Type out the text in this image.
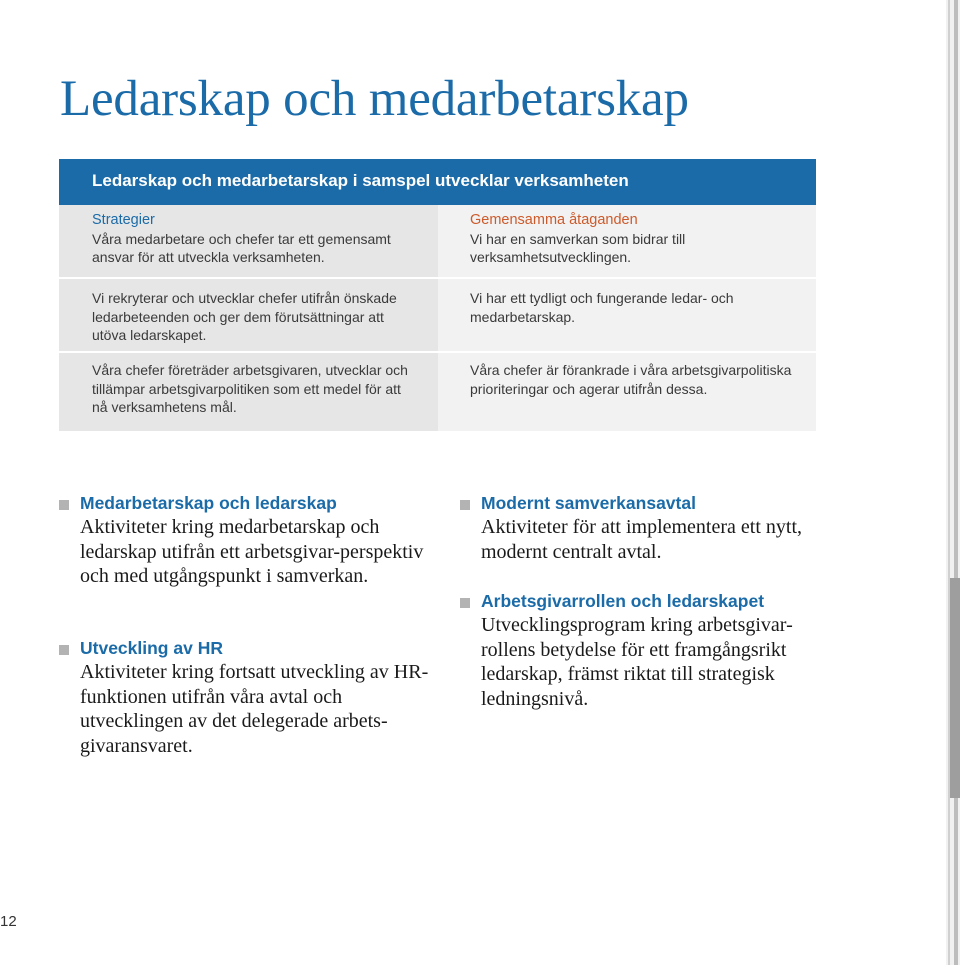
Ledarskap och medarbetarskap
Ledarskap och medarbetarskap i samspel utvecklar verksamheten

Strategier
Våra medarbetare och chefer tar ett gemensamt ansvar för att utveckla verksamheten.

Vi rekryterar och utvecklar chefer utifrån önskade ledarbeteenden och ger dem förutsättningar att utöva ledarskapet.

Våra chefer företräder arbetsgivaren, utvecklar och tillämpar arbetsgivarpolitiken som ett medel för att nå verksamhetens mål.

Gemensamma åtaganden
Vi har en samverkan som bidrar till verksamhetsutvecklingen.

Vi har ett tydligt och fungerande ledar- och medarbetarskap.

Våra chefer är förankrade i våra arbetsgivarpolitiska prioriteringar och agerar utifrån dessa.

Medarbetarskap och ledarskap

Aktiviteter kring medarbetarskap och ledarskap utifrån ett arbetsgivar-perspektiv och med utgångspunkt i samverkan.

Utveckling av HR

Aktiviteter kring fortsatt utveckling av HR-funktionen utifrån våra avtal och utvecklingen av det delegerade arbets-givaransvaret.

Modernt samverkansavtal

Aktiviteter för att implementera ett nytt, modernt centralt avtal.

Arbetsgivarrollen och ledarskapet

Utvecklingsprogram kring arbetsgivar-rollens betydelse för ett framgångsrikt ledarskap, främst riktat till strategisk ledningsnivå.

12
